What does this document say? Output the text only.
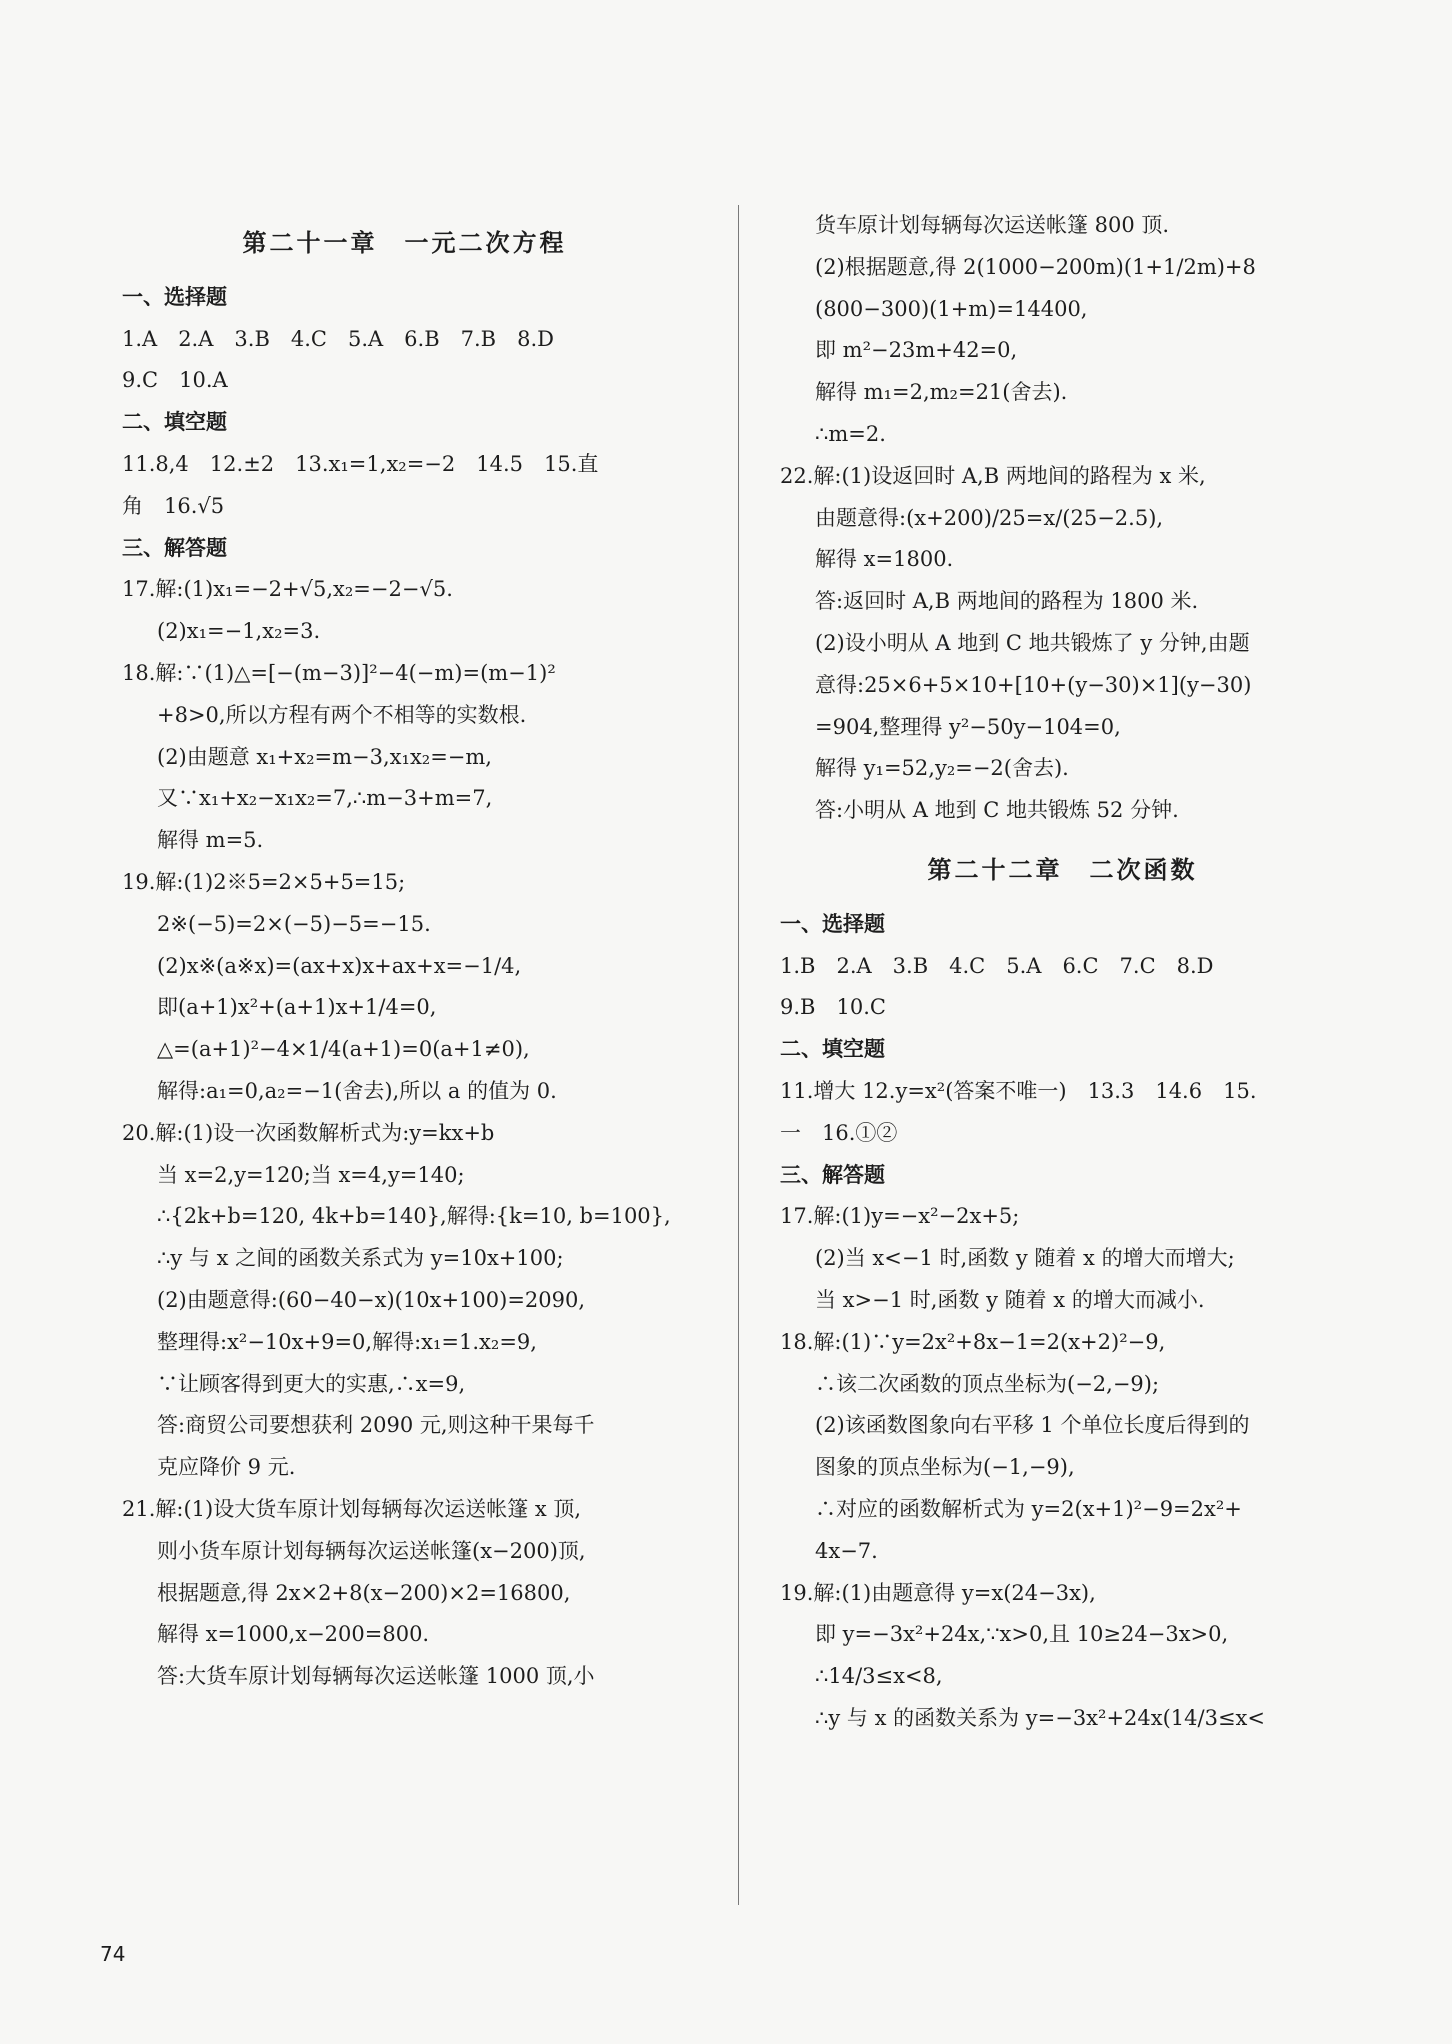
第二十一章　一元二次方程
一、选择题
1.A　2.A　3.B　4.C　5.A　6.B　7.B　8.D
9.C　10.A
二、填空题
11.8,4　12.±2　13.x₁=1,x₂=−2　14.5　15.直
角　16.√5
三、解答题
17.解:(1)x₁=−2+√5,x₂=−2−√5.
(2)x₁=−1,x₂=3.
18.解:∵(1)△=[−(m−3)]²−4(−m)=(m−1)²
+8>0,所以方程有两个不相等的实数根.
(2)由题意 x₁+x₂=m−3,x₁x₂=−m,
又∵x₁+x₂−x₁x₂=7,∴m−3+m=7,
解得 m=5.
19.解:(1)2※5=2×5+5=15;
2※(−5)=2×(−5)−5=−15.
(2)x※(a※x)=(ax+x)x+ax+x=−1/4,
即(a+1)x²+(a+1)x+1/4=0,
△=(a+1)²−4×1/4(a+1)=0(a+1≠0),
解得:a₁=0,a₂=−1(舍去),所以 a 的值为 0.
20.解:(1)设一次函数解析式为:y=kx+b
当 x=2,y=120;当 x=4,y=140;
∴{2k+b=120, 4k+b=140},解得:{k=10, b=100},
∴y 与 x 之间的函数关系式为 y=10x+100;
(2)由题意得:(60−40−x)(10x+100)=2090,
整理得:x²−10x+9=0,解得:x₁=1.x₂=9,
∵让顾客得到更大的实惠,∴x=9,
答:商贸公司要想获利 2090 元,则这种干果每千
克应降价 9 元.
21.解:(1)设大货车原计划每辆每次运送帐篷 x 顶,
则小货车原计划每辆每次运送帐篷(x−200)顶,
根据题意,得 2x×2+8(x−200)×2=16800,
解得 x=1000,x−200=800.
答:大货车原计划每辆每次运送帐篷 1000 顶,小
货车原计划每辆每次运送帐篷 800 顶.
(2)根据题意,得 2(1000−200m)(1+1/2m)+8
(800−300)(1+m)=14400,
即 m²−23m+42=0,
解得 m₁=2,m₂=21(舍去).
∴m=2.
22.解:(1)设返回时 A,B 两地间的路程为 x 米,
由题意得:(x+200)/25=x/(25−2.5),
解得 x=1800.
答:返回时 A,B 两地间的路程为 1800 米.
(2)设小明从 A 地到 C 地共锻炼了 y 分钟,由题
意得:25×6+5×10+[10+(y−30)×1](y−30)
=904,整理得 y²−50y−104=0,
解得 y₁=52,y₂=−2(舍去).
答:小明从 A 地到 C 地共锻炼 52 分钟.
第二十二章　二次函数
一、选择题
1.B　2.A　3.B　4.C　5.A　6.C　7.C　8.D
9.B　10.C
二、填空题
11.增大 12.y=x²(答案不唯一)　13.3　14.6　15.
一　16.①②
三、解答题
17.解:(1)y=−x²−2x+5;
(2)当 x<−1 时,函数 y 随着 x 的增大而增大;
当 x>−1 时,函数 y 随着 x 的增大而减小.
18.解:(1)∵y=2x²+8x−1=2(x+2)²−9,
∴该二次函数的顶点坐标为(−2,−9);
(2)该函数图象向右平移 1 个单位长度后得到的
图象的顶点坐标为(−1,−9),
∴对应的函数解析式为 y=2(x+1)²−9=2x²+
4x−7.
19.解:(1)由题意得 y=x(24−3x),
即 y=−3x²+24x,∵x>0,且 10≥24−3x>0,
∴14/3≤x<8,
∴y 与 x 的函数关系为 y=−3x²+24x(14/3≤x<
74
